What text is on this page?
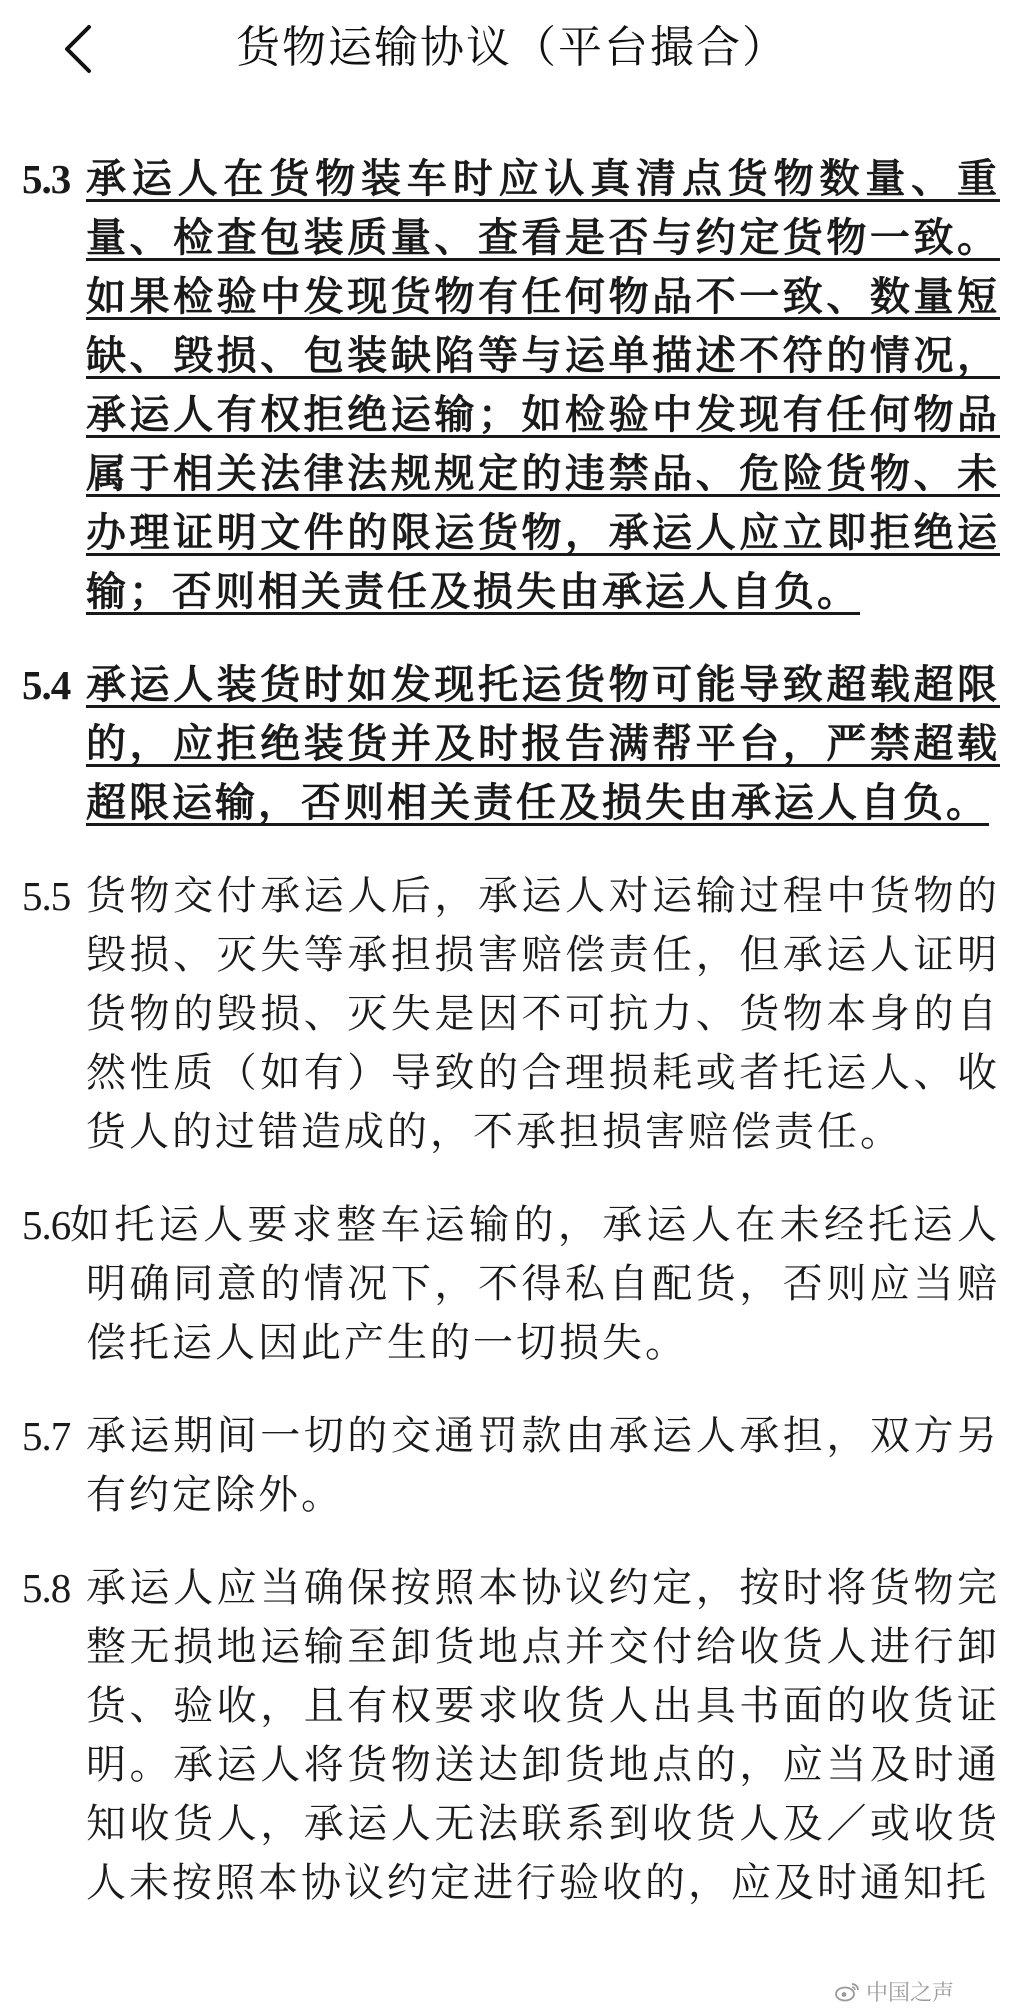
货物运输协议（平台撮合）
5.3 承运人在货物装车时应认真清点货物数量、重量、检查包装质量、查看是否与约定货物一致。如果检验中发现货物有任何物品不一致、数量短缺、毁损、包装缺陷等与运单描述不符的情况，承运人有权拒绝运输；如检验中发现有任何物品属于相关法律法规规定的违禁品、危险货物、未办理证明文件的限运货物，承运人应立即拒绝运输；否则相关责任及损失由承运人自负。
5.4 承运人装货时如发现托运货物可能导致超载超限的，应拒绝装货并及时报告满帮平台，严禁超载超限运输，否则相关责任及损失由承运人自负。
5.5 货物交付承运人后，承运人对运输过程中货物的毁损、灭失等承担损害赔偿责任，但承运人证明货物的毁损、灭失是因不可抗力、货物本身的自然性质（如有）导致的合理损耗或者托运人、收货人的过错造成的，不承担损害赔偿责任。
5.6 如托运人要求整车运输的，承运人在未经托运人明确同意的情况下，不得私自配货，否则应当赔偿托运人因此产生的一切损失。
5.7 承运期间一切的交通罚款由承运人承担，双方另有约定除外。
5.8 承运人应当确保按照本协议约定，按时将货物完整无损地运输至卸货地点并交付给收货人进行卸货、验收，且有权要求收货人出具书面的收货证明。承运人将货物送达卸货地点的，应当及时通知收货人，承运人无法联系到收货人及／或收货人未按照本协议约定进行验收的，应及时通知托
中国之声
